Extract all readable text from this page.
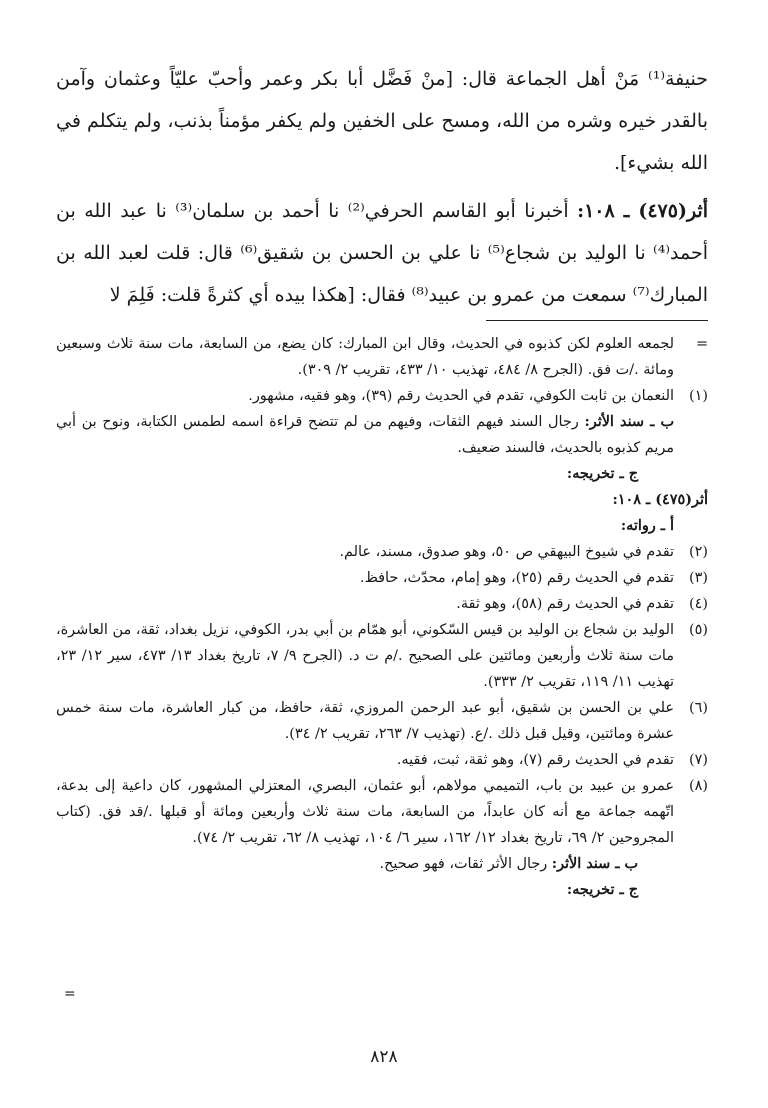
حنيفة⁽¹⁾ مَنْ أهل الجماعة قال: [منْ فَضَّل أبا بكر وعمر وأحبّ عليّاً وعثمان وآمن بالقدر خيره وشره من الله، ومسح على الخفين ولم يكفر مؤمناً بذنب، ولم يتكلم في الله بشيء].

أثر(٤٧٥) ـ ١٠٨: أخبرنا أبو القاسم الحرفي⁽²⁾ نا أحمد بن سلمان⁽³⁾ نا عبد الله بن أحمد⁽⁴⁾ نا الوليد بن شجاع⁽⁵⁾ نا علي بن الحسن بن شقيق⁽⁶⁾ قال: قلت لعبد الله بن المبارك⁽⁷⁾ سمعت من عمرو بن عبيد⁽⁸⁾ فقال: [هكذا بيده أي كثرةً قلت: فَلِمَ لا

=
لجمعه العلوم لكن كذبوه في الحديث، وقال ابن المبارك: كان يضع، من السابعة، مات سنة ثلاث وسبعين ومائة ./ت فق. (الجرح ٨/ ٤٨٤، تهذيب ١٠/ ٤٣٣، تقريب ٢/ ٣٠٩).
(١)
النعمان بن ثابت الكوفي، تقدم في الحديث رقم (٣٩)، وهو فقيه، مشهور.
ب ـ سند الأثر: رجال السند فيهم الثقات، وفيهم من لم تتضح قراءة اسمه لطمس الكتابة، ونوح بن أبي مريم كذبوه بالحديث، فالسند ضعيف.
ج ـ تخريجه:
أثر(٤٧٥) ـ ١٠٨:
أ ـ رواته:
(٢)
تقدم في شيوخ البيهقي ص ٥٠، وهو صدوق، مسند، عالم.
(٣)
تقدم في الحديث رقم (٢٥)، وهو إمام، محدّث، حافظ.
(٤)
تقدم في الحديث رقم (٥٨)، وهو ثقة.
(٥)
الوليد بن شجاع بن الوليد بن قيس السّكوني، أبو همّام بن أبي بدر، الكوفي، نزيل بغداد، ثقة، من العاشرة، مات سنة ثلاث وأربعين ومائتين على الصحيح ./م ت د. (الجرح ٩/ ٧، تاريخ بغداد ١٣/ ٤٧٣، سير ١٢/ ٢٣، تهذيب ١١/ ١١٩، تقريب ٢/ ٣٣٣).
(٦)
علي بن الحسن بن شقيق، أبو عبد الرحمن المروزي، ثقة، حافظ، من كبار العاشرة، مات سنة خمس عشرة ومائتين، وقيل قبل ذلك ./ع. (تهذيب ٧/ ٢٦٣، تقريب ٢/ ٣٤).
(٧)
تقدم في الحديث رقم (٧)، وهو ثقة، ثبت، فقيه.
(٨)
عمرو بن عبيد بن باب، التميمي مولاهم، أبو عثمان، البصري، المعتزلي المشهور، كان داعية إلى بدعة، اتّهمه جماعة مع أنه كان عابداً، من السابعة، مات سنة ثلاث وأربعين ومائة أو قبلها ./قد فق. (كتاب المجروحين ٢/ ٦٩، تاريخ بغداد ١٢/ ١٦٢، سير ٦/ ١٠٤، تهذيب ٨/ ٦٢، تقريب ٢/ ٧٤).
ب ـ سند الأثر: رجال الأثر ثقات، فهو صحيح.
ج ـ تخريجه:
=
٨٢٨
